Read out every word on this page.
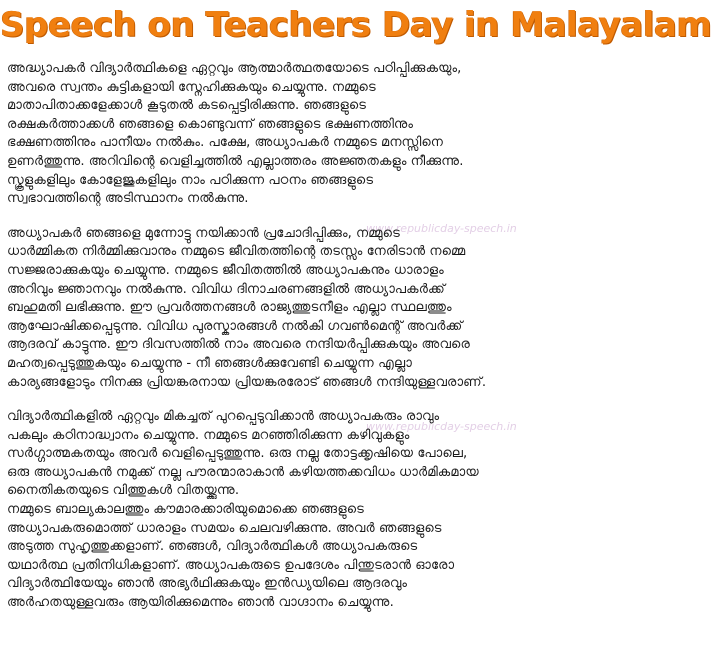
Speech on Teachers Day in Malayalam
www.republicday-speech.in
www.republicday-speech.in

അദ്ധ്യാപകർ വിദ്യാർത്ഥികളെ ഏറ്റവും ആത്മാർത്ഥതയോടെ പഠിപ്പിക്കുകയും,
അവരെ സ്വന്തം കുട്ടികളായി സ്നേഹിക്കുകയും ചെയ്യുന്നു. നമ്മുടെ
മാതാപിതാക്കളേക്കാൾ കൂടുതൽ കടപ്പെട്ടിരിക്കുന്നു. ഞങ്ങളുടെ
രക്ഷകർത്താക്കൾ ഞങ്ങളെ കൊണ്ടുവന്ന് ഞങ്ങളുടെ ഭക്ഷണത്തിനും
ഭക്ഷണത്തിനും പാനീയം നൽകും. പക്ഷേ, അധ്യാപകർ നമ്മുടെ മനസ്സിനെ
ഉണർത്തുന്നു. അറിവിന്റെ വെളിച്ചത്തിൽ എല്ലാത്തരം അജ്ഞതകളും നീക്കുന്നു.
സ്കൂളുകളിലും കോളേജുകളിലും നാം പഠിക്കുന്ന പഠനം ഞങ്ങളുടെ
സ്വഭാവത്തിന്റെ അടിസ്ഥാനം നൽകുന്നു.

അധ്യാപകർ ഞങ്ങളെ മുന്നോട്ടു നയിക്കാൻ പ്രചോദിപ്പിക്കും, നമ്മുടെ
ധാർമ്മികത നിർമ്മിക്കുവാനും നമ്മുടെ ജീവിതത്തിന്റെ തടസ്സം നേരിടാൻ നമ്മെ
സജ്ജരാക്കുകയും ചെയ്യുന്നു. നമ്മുടെ ജീവിതത്തിൽ അധ്യാപകനും ധാരാളം
അറിവും ജ്ഞാനവും നൽകുന്നു. വിവിധ ദിനാചരണങ്ങളിൽ അധ്യാപകർക്ക്
ബഹുമതി ലഭിക്കുന്നു. ഈ പ്രവർത്തനങ്ങൾ രാജ്യത്തുടനീളം എല്ലാ സ്ഥലത്തും
ആഘോഷിക്കപ്പെടുന്നു. വിവിധ പുരസ്കാരങ്ങൾ നൽകി ഗവൺമെന്റ് അവർക്ക്
ആദരവ് കാട്ടുന്നു. ഈ ദിവസത്തിൽ നാം അവരെ നന്ദിയർപ്പിക്കുകയും അവരെ
മഹത്വപ്പെടുത്തുകയും ചെയ്യുന്നു - നീ ഞങ്ങൾക്കുവേണ്ടി ചെയ്യുന്ന എല്ലാ
കാര്യങ്ങളോടും നിനക്കു പ്രിയങ്കരനായ പ്രിയങ്കരരോട് ഞങ്ങൾ നന്ദിയുള്ളവരാണ്.

വിദ്യാർത്ഥികളിൽ ഏറ്റവും മികച്ചത് പുറപ്പെടുവിക്കാൻ അധ്യാപകരും രാവും
പകലും കഠിനാദ്ധ്വാനം ചെയ്യുന്നു. നമ്മുടെ മറഞ്ഞിരിക്കുന്ന കഴിവുകളും
സർഗ്ഗാത്മകതയും അവർ വെളിപ്പെടുത്തുന്നു. ഒരു നല്ല തോട്ടക്കൃഷിയെ പോലെ,
ഒരു അധ്യാപകൻ നമുക്ക് നല്ല പൗരന്മാരാകാൻ കഴിയത്തക്കവിധം ധാർമികമായ
നൈതികതയുടെ വിത്തുകൾ വിതയ്ക്കുന്നു.

നമ്മുടെ ബാല്യകാലത്തും കൗമാരക്കാരിയുമൊക്കെ ഞങ്ങളുടെ
അധ്യാപകരുമൊത്ത് ധാരാളം സമയം ചെലവഴിക്കുന്നു. അവർ ഞങ്ങളുടെ
അടുത്ത സുഹൃത്തുക്കളാണ്. ഞങ്ങൾ, വിദ്യാർത്ഥികൾ അധ്യാപകരുടെ
യഥാർത്ഥ പ്രതിനിധികളാണ്. അധ്യാപകരുടെ ഉപദേശം പിന്തുടരാൻ ഓരോ
വിദ്യാർത്ഥിയേയും ഞാൻ അഭ്യർഥിക്കുകയും ഇൻഡ്യയിലെ ആദരവും
അർഹതയുള്ളവരും ആയിരിക്കുമെന്നും ഞാൻ വാഗ്ദാനം ചെയ്യുന്നു.
